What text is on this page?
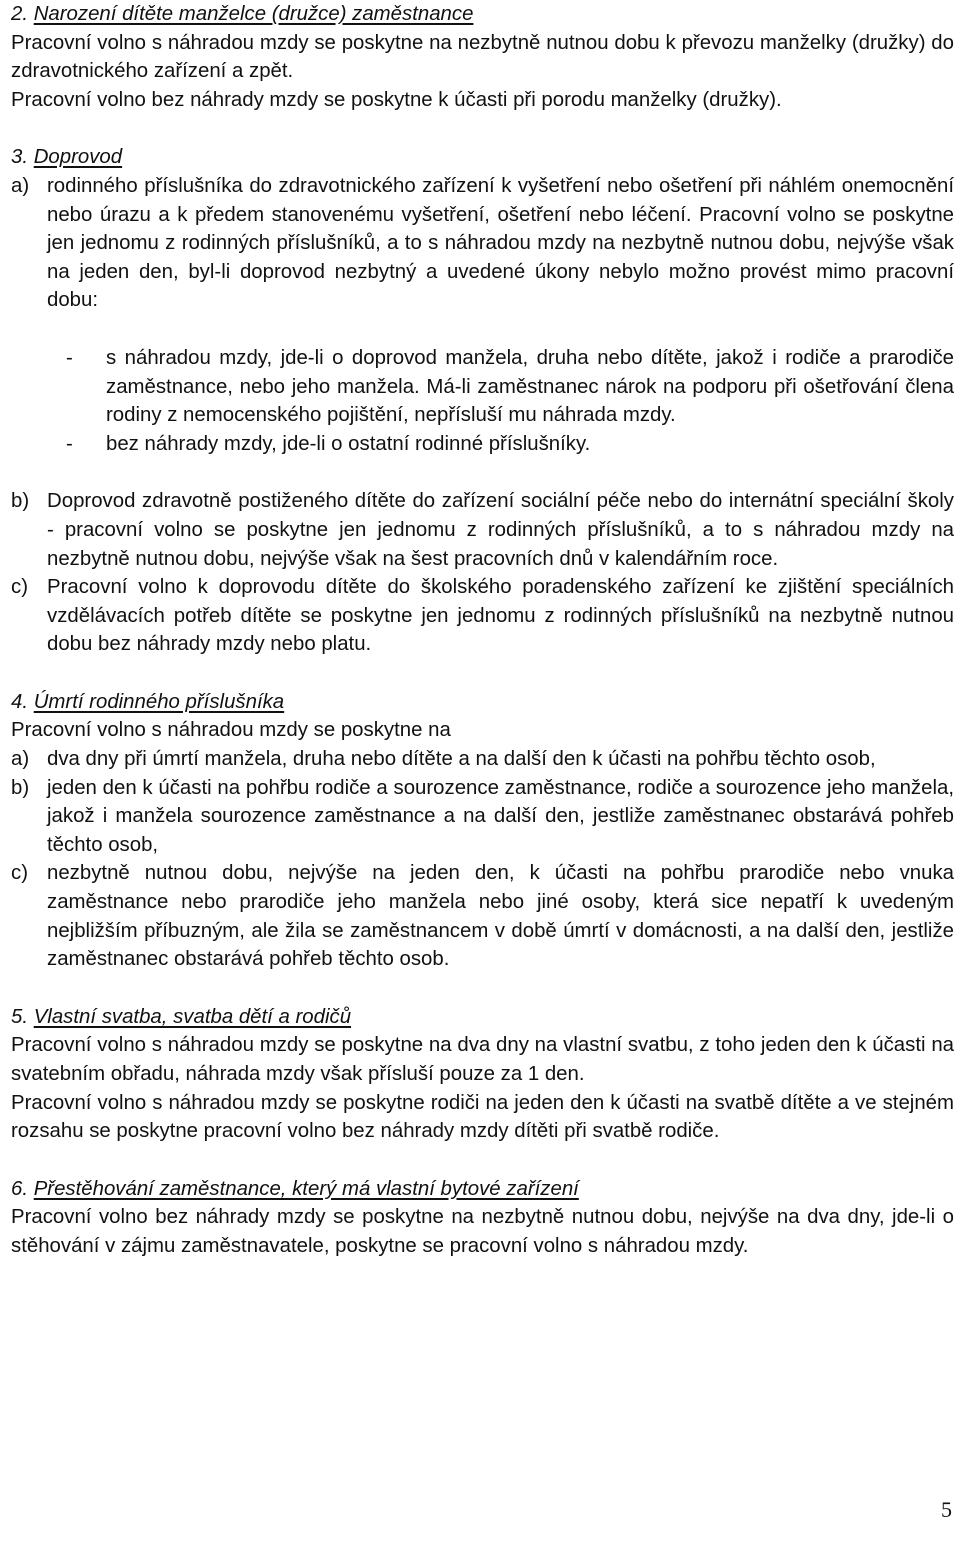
2. Narození dítěte manželce (družce) zaměstnance

Pracovní volno s náhradou mzdy se poskytne na nezbytně nutnou dobu k převozu manželky (družky) do zdravotnického zařízení a zpět.

Pracovní volno bez náhrady mzdy se poskytne k účasti při porodu manželky (družky).

3. Doprovod

a) rodinného příslušníka do zdravotnického zařízení k vyšetření nebo ošetření při náhlém onemocnění nebo úrazu a k předem stanovenému vyšetření, ošetření nebo léčení. Pracovní volno se poskytne jen jednomu z rodinných příslušníků, a to s náhradou mzdy na nezbytně nutnou dobu, nejvýše však na jeden den, byl-li doprovod nezbytný a uvedené úkony nebylo možno provést mimo pracovní dobu:
-	s náhradou mzdy, jde-li o doprovod manžela, druha nebo dítěte, jakož i rodiče a prarodiče zaměstnance, nebo jeho manžela. Má-li zaměstnanec nárok na podporu při ošetřování člena rodiny z nemocenského pojištění, nepřísluší mu náhrada mzdy.
-	bez náhrady mzdy, jde-li o ostatní rodinné příslušníky.
b) Doprovod zdravotně postiženého dítěte do zařízení sociální péče nebo do internátní speciální školy - pracovní volno se poskytne jen jednomu z rodinných příslušníků, a to s náhradou mzdy na nezbytně nutnou dobu, nejvýše však na šest pracovních dnů v kalendářním roce.
c) Pracovní volno k doprovodu dítěte do školského poradenského zařízení ke zjištění speciálních vzdělávacích potřeb dítěte se poskytne jen jednomu z rodinných příslušníků na nezbytně nutnou dobu bez náhrady mzdy nebo platu.

4. Úmrtí rodinného příslušníka

Pracovní volno s náhradou mzdy se poskytne na

a) dva dny při úmrtí manžela, druha nebo dítěte a na další den k účasti na pohřbu těchto osob,
b) jeden den k účasti na pohřbu rodiče a sourozence zaměstnance, rodiče a sourozence jeho manžela, jakož i manžela sourozence zaměstnance a na další den, jestliže zaměstnanec obstarává pohřeb těchto osob,
c) nezbytně nutnou dobu, nejvýše na jeden den, k účasti na pohřbu prarodiče nebo vnuka zaměstnance nebo prarodiče jeho manžela nebo jiné osoby, která sice nepatří k uvedeným nejbližším příbuzným, ale žila se zaměstnancem v době úmrtí v domácnosti, a na další den, jestliže zaměstnanec obstarává pohřeb těchto osob.

5. Vlastní svatba, svatba dětí a rodičů

Pracovní volno s náhradou mzdy se poskytne na dva dny na vlastní svatbu, z toho jeden den k účasti na svatebním obřadu, náhrada mzdy však přísluší pouze za 1 den.

Pracovní volno s náhradou mzdy se poskytne rodiči na jeden den k účasti na svatbě dítěte a ve stejném rozsahu se poskytne pracovní volno bez náhrady mzdy dítěti při svatbě rodiče.

6. Přestěhování zaměstnance, který má vlastní bytové zařízení

Pracovní volno bez náhrady mzdy se poskytne na nezbytně nutnou dobu, nejvýše na dva dny, jde-li o stěhování v zájmu zaměstnavatele, poskytne se pracovní volno s náhradou mzdy.

5
